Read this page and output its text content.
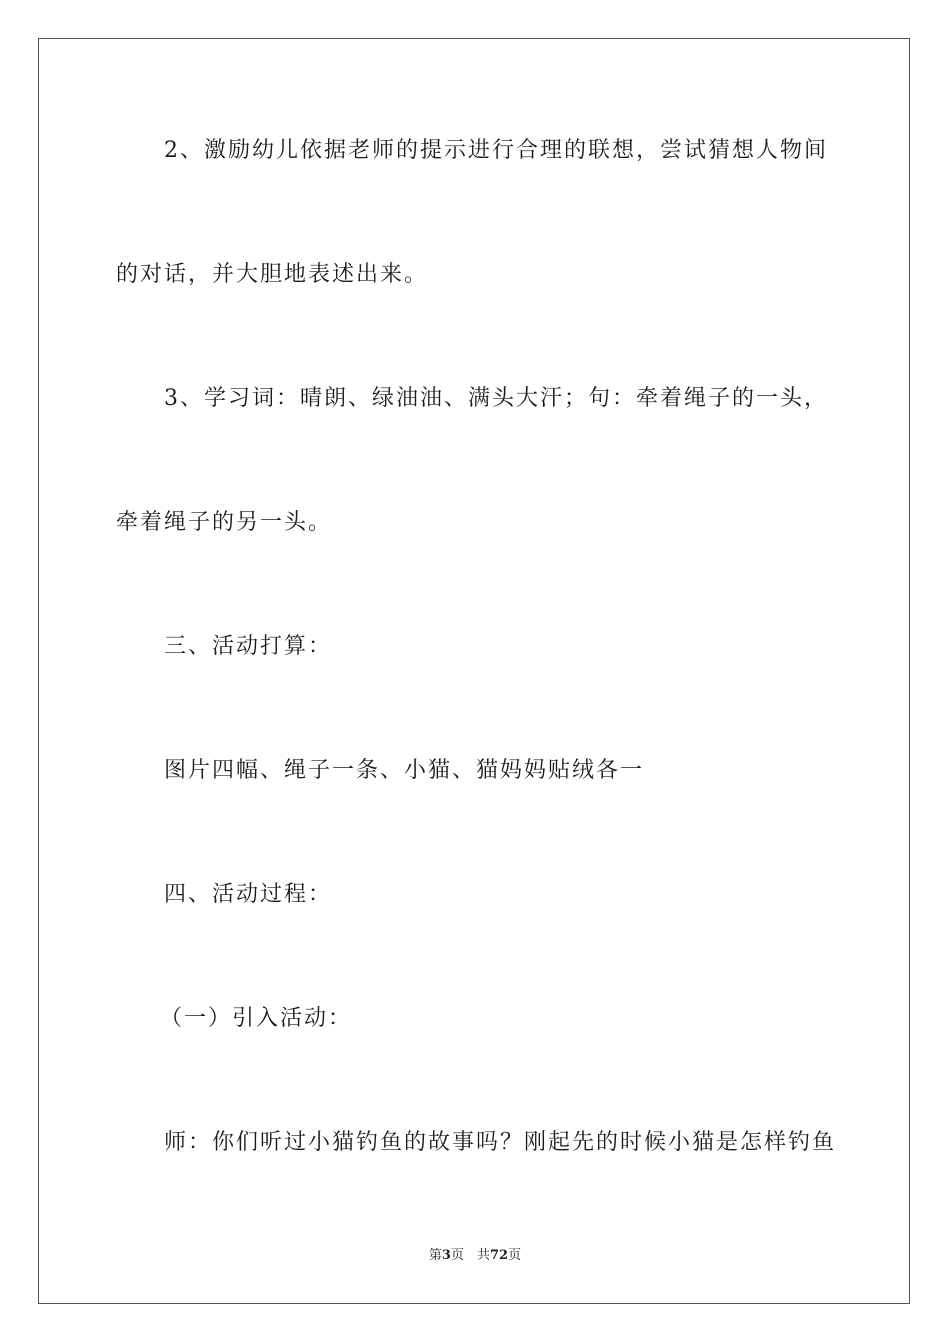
2、激励幼儿依据老师的提示进行合理的联想，尝试猜想人物间
的对话，并大胆地表述出来。
3、学习词：晴朗、绿油油、满头大汗；句：牵着绳子的一头，
牵着绳子的另一头。
三、活动打算：
图片四幅、绳子一条、小猫、猫妈妈贴绒各一
四、活动过程：
（一）引入活动：
师：你们听过小猫钓鱼的故事吗？刚起先的时候小猫是怎样钓鱼
第3页　共72页
